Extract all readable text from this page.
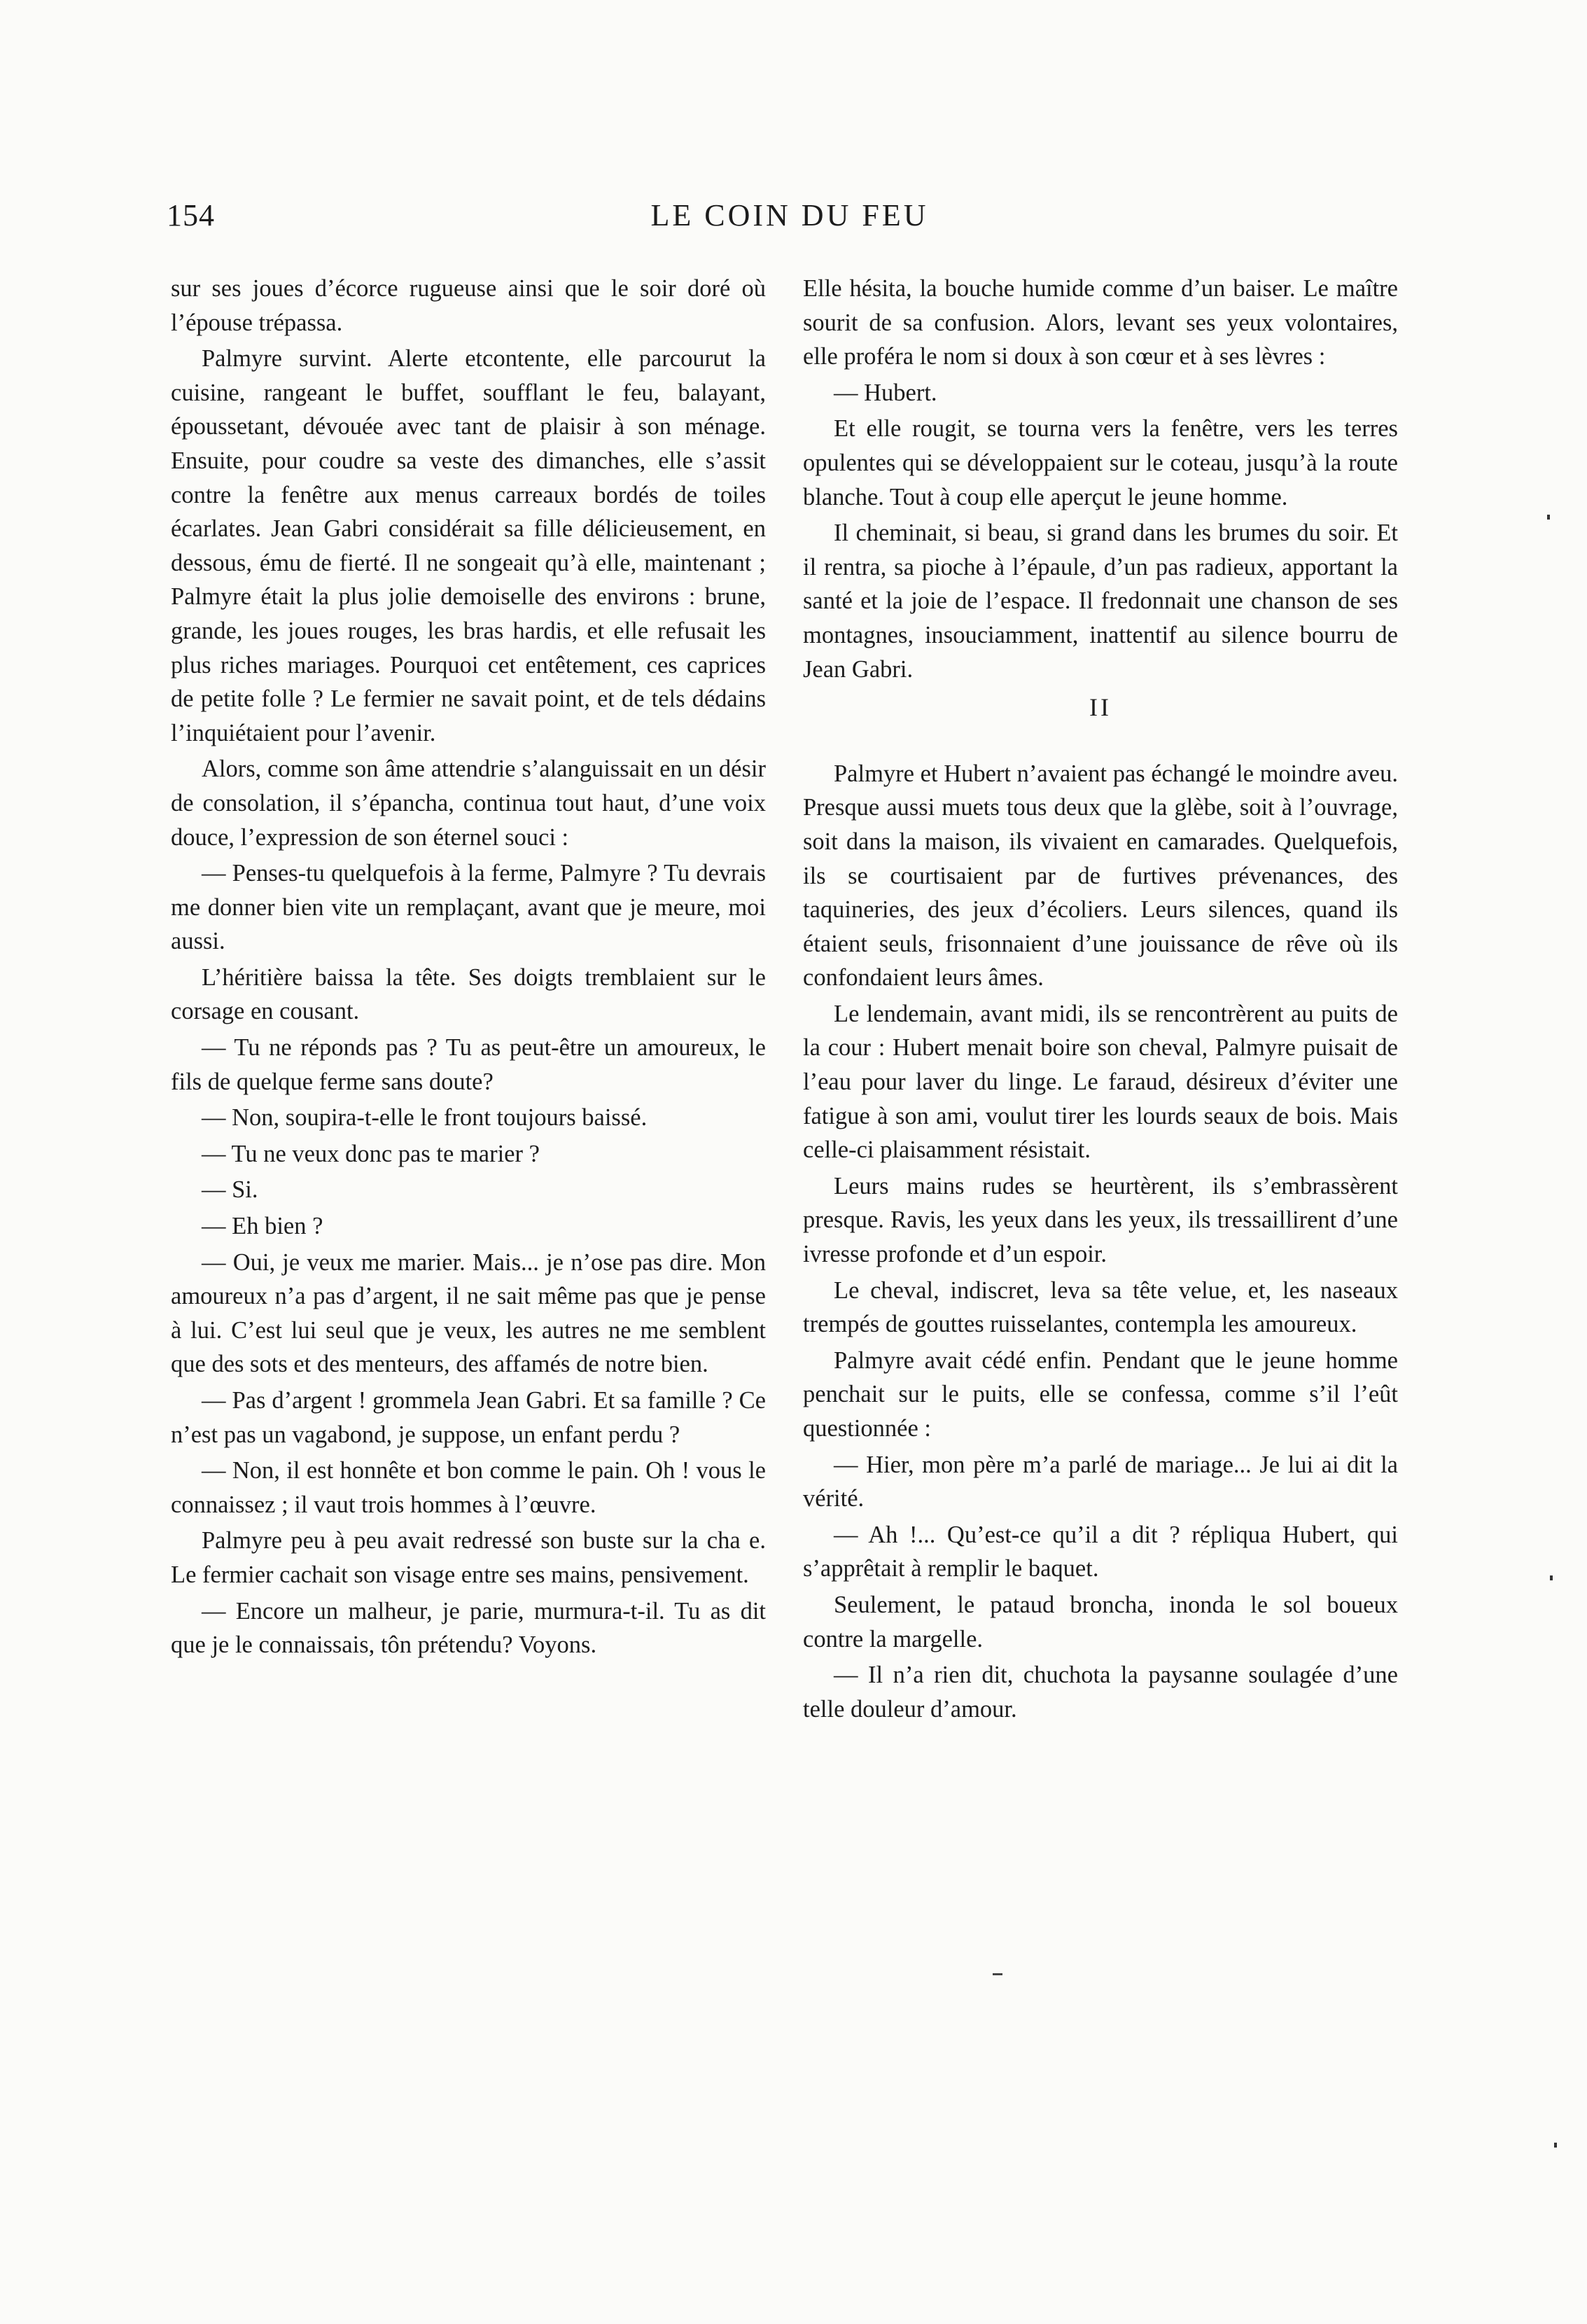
154	LE COIN DU FEU

sur ses joues d’écorce rugueuse ainsi que le soir doré où l’épouse trépassa.

Palmyre survint. Alerte etcontente, elle parcourut la cuisine, rangeant le buffet, soufflant le feu, balayant, époussetant, dévouée avec tant de plaisir à son ménage. Ensuite, pour coudre sa veste des dimanches, elle s’assit contre la fenêtre aux menus carreaux bordés de toiles écarlates. Jean Gabri considérait sa fille délicieusement, en dessous, ému de fierté. Il ne songeait qu’à elle, maintenant ; Palmyre était la plus jolie demoiselle des environs : brune, grande, les joues rouges, les bras hardis, et elle refusait les plus riches mariages. Pourquoi cet entêtement, ces caprices de petite folle ? Le fermier ne savait point, et de tels dédains l’inquiétaient pour l’avenir.

Alors, comme son âme attendrie s’alanguissait en un désir de consolation, il s’épancha, continua tout haut, d’une voix douce, l’expression de son éternel souci :

— Penses-tu quelquefois à la ferme, Palmyre ? Tu devrais me donner bien vite un remplaçant, avant que je meure, moi aussi.

L’héritière baissa la tête. Ses doigts tremblaient sur le corsage en cousant.

— Tu ne réponds pas ? Tu as peut-être un amoureux, le fils de quelque ferme sans doute?

— Non, soupira-t-elle le front toujours baissé.

— Tu ne veux donc pas te marier ?

— Si.

— Eh bien ?

— Oui, je veux me marier. Mais... je n’ose pas dire. Mon amoureux n’a pas d’argent, il ne sait même pas que je pense à lui. C’est lui seul que je veux, les autres ne me semblent que des sots et des menteurs, des affamés de notre bien.

— Pas d’argent ! grommela Jean Gabri. Et sa famille ? Ce n’est pas un vagabond, je suppose, un enfant perdu ?

— Non, il est honnête et bon comme le pain. Oh ! vous le connaissez ; il vaut trois hommes à l’œuvre.

Palmyre peu à peu avait redressé son buste sur la cha e. Le fermier cachait son visage entre ses mains, pensivement.

— Encore un malheur, je parie, murmura-t-il. Tu as dit que je le connaissais, tôn prétendu? Voyons.

Elle hésita, la bouche humide comme d’un baiser. Le maître sourit de sa confusion. Alors, levant ses yeux volontaires, elle proféra le nom si doux à son cœur et à ses lèvres :

— Hubert.

Et elle rougit, se tourna vers la fenêtre, vers les terres opulentes qui se développaient sur le coteau, jusqu’à la route blanche. Tout à coup elle aperçut le jeune homme.

Il cheminait, si beau, si grand dans les brumes du soir. Et il rentra, sa pioche à l’épaule, d’un pas radieux, apportant la santé et la joie de l’espace. Il fredonnait une chanson de ses montagnes, insouciamment, inattentif au silence bourru de Jean Gabri.

II

Palmyre et Hubert n’avaient pas échangé le moindre aveu. Presque aussi muets tous deux que la glèbe, soit à l’ouvrage, soit dans la maison, ils vivaient en camarades. Quelquefois, ils se courtisaient par de furtives prévenances, des taquineries, des jeux d’écoliers. Leurs silences, quand ils étaient seuls, frisonnaient d’une jouissance de rêve où ils confondaient leurs âmes.

Le lendemain, avant midi, ils se rencontrèrent au puits de la cour : Hubert menait boire son cheval, Palmyre puisait de l’eau pour laver du linge. Le faraud, désireux d’éviter une fatigue à son ami, voulut tirer les lourds seaux de bois. Mais celle-ci plaisamment résistait.

Leurs mains rudes se heurtèrent, ils s’embrassèrent presque. Ravis, les yeux dans les yeux, ils tressaillirent d’une ivresse profonde et d’un espoir.

Le cheval, indiscret, leva sa tête velue, et, les naseaux trempés de gouttes ruisselantes, contempla les amoureux.

Palmyre avait cédé enfin. Pendant que le jeune homme penchait sur le puits, elle se confessa, comme s’il l’eût questionnée :

— Hier, mon père m’a parlé de mariage... Je lui ai dit la vérité.

— Ah !... Qu’est-ce qu’il a dit ? répliqua Hubert, qui s’apprêtait à remplir le baquet.

Seulement, le pataud broncha, inonda le sol boueux contre la margelle.

— Il n’a rien dit, chuchota la paysanne soulagée d’une telle douleur d’amour.
